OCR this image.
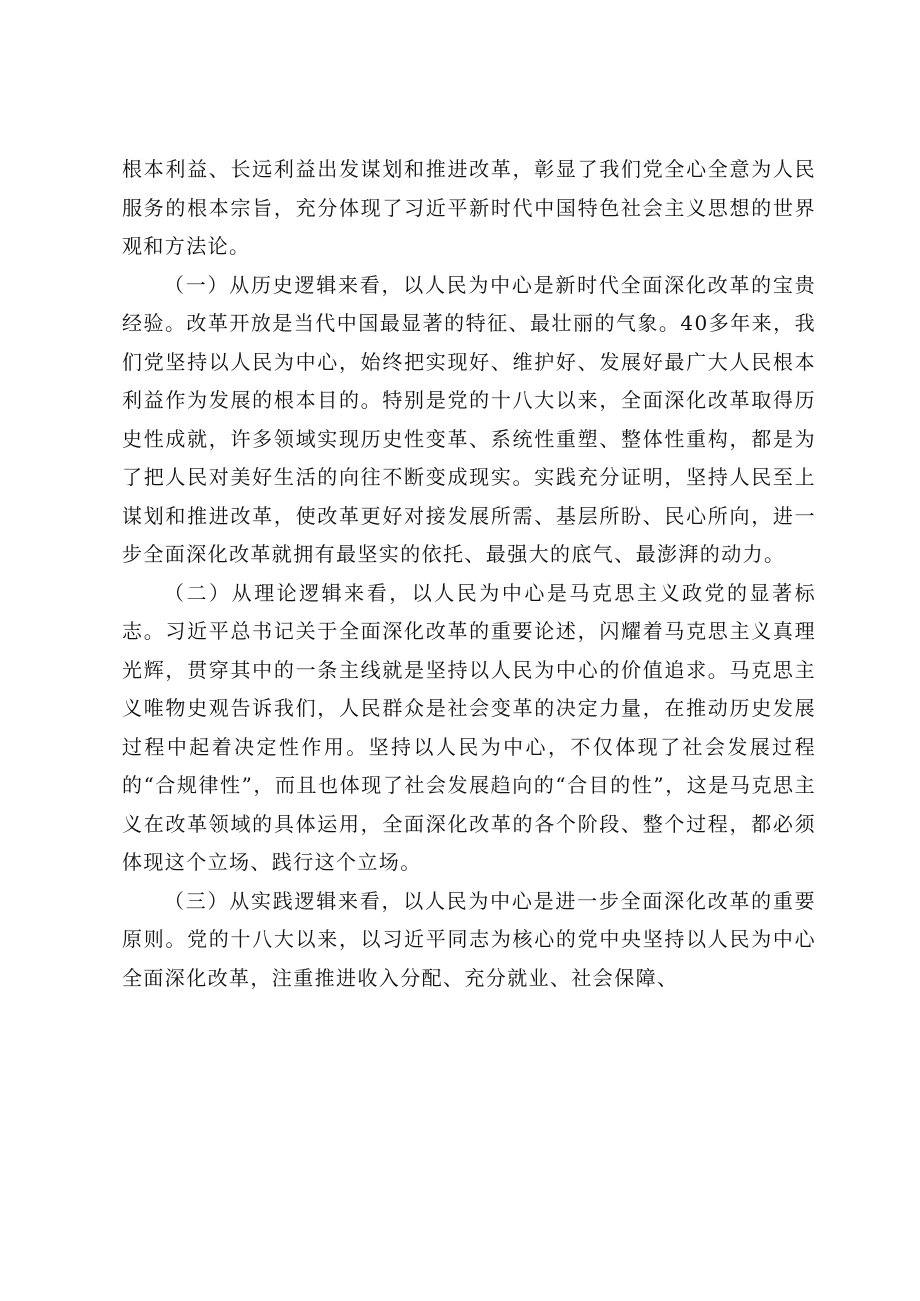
根本利益、长远利益出发谋划和推进改革，彰显了我们党全心全意为人民服务的根本宗旨，充分体现了习近平新时代中国特色社会主义思想的世界观和方法论。

（一）从历史逻辑来看，以人民为中心是新时代全面深化改革的宝贵经验。改革开放是当代中国最显著的特征、最壮丽的气象。40多年来，我们党坚持以人民为中心，始终把实现好、维护好、发展好最广大人民根本利益作为发展的根本目的。特别是党的十八大以来，全面深化改革取得历史性成就，许多领域实现历史性变革、系统性重塑、整体性重构，都是为了把人民对美好生活的向往不断变成现实。实践充分证明，坚持人民至上谋划和推进改革，使改革更好对接发展所需、基层所盼、民心所向，进一步全面深化改革就拥有最坚实的依托、最强大的底气、最澎湃的动力。

（二）从理论逻辑来看，以人民为中心是马克思主义政党的显著标志。习近平总书记关于全面深化改革的重要论述，闪耀着马克思主义真理光辉，贯穿其中的一条主线就是坚持以人民为中心的价值追求。马克思主义唯物史观告诉我们，人民群众是社会变革的决定力量，在推动历史发展过程中起着决定性作用。坚持以人民为中心，不仅体现了社会发展过程的“合规律性”，而且也体现了社会发展趋向的“合目的性”，这是马克思主义在改革领域的具体运用，全面深化改革的各个阶段、整个过程，都必须体现这个立场、践行这个立场。

（三）从实践逻辑来看，以人民为中心是进一步全面深化改革的重要原则。党的十八大以来，以习近平同志为核心的党中央坚持以人民为中心全面深化改革，注重推进收入分配、充分就业、社会保障、
